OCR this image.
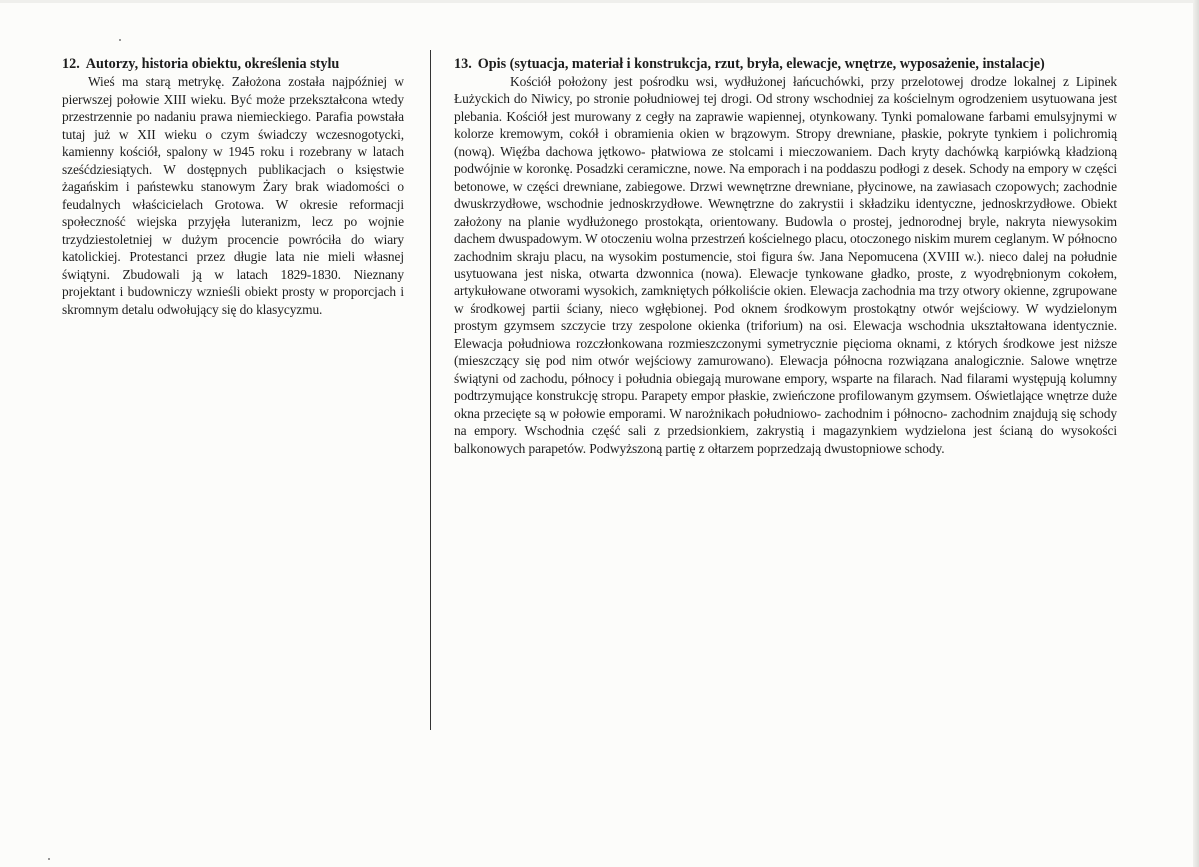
12. Autorzy, historia obiektu, określenia stylu

Wieś ma starą metrykę. Założona została najpóźniej w pierwszej połowie XIII wieku. Być może przekształcona wtedy przestrzennie po nadaniu prawa niemieckiego. Parafia powstała tutaj już w XII wieku o czym świadczy wczesnogotycki, kamienny kościół, spalony w 1945 roku i rozebrany w latach sześćdziesiątych. W dostępnych publikacjach o księstwie żagańskim i państewku stanowym Żary brak wiadomości o feudalnych właścicielach Grotowa. W okresie reformacji społeczność wiejska przyjęła luteranizm, lecz po wojnie trzydziestoletniej w dużym procencie powróciła do wiary katolickiej. Protestanci przez długie lata nie mieli własnej świątyni. Zbudowali ją w latach 1829-1830. Nieznany projektant i budowniczy wznieśli obiekt prosty w proporcjach i skromnym detalu odwołujący się do klasycyzmu.

13. Opis (sytuacja, materiał i konstrukcja, rzut, bryła, elewacje, wnętrze, wyposażenie, instalacje)

Kościół położony jest pośrodku wsi, wydłużonej łańcuchówki, przy przelotowej drodze lokalnej z Lipinek Łużyckich do Niwicy, po stronie południowej tej drogi. Od strony wschodniej za kościelnym ogrodzeniem usytuowana jest plebania. Kościół jest murowany z cegły na zaprawie wapiennej, otynkowany. Tynki pomalowane farbami emulsyjnymi w kolorze kremowym, cokół i obramienia okien w brązowym. Stropy drewniane, płaskie, pokryte tynkiem i polichromią (nową). Więźba dachowa jętkowo- płatwiowa ze stolcami i mieczowaniem. Dach kryty dachówką karpiówką kładzioną podwójnie w koronkę. Posadzki ceramiczne, nowe. Na emporach i na poddaszu podłogi z desek. Schody na empory w części betonowe, w części drewniane, zabiegowe. Drzwi wewnętrzne drewniane, płycinowe, na zawiasach czopowych; zachodnie dwuskrzydłowe, wschodnie jednoskrzydłowe. Wewnętrzne do zakrystii i składziku identyczne, jednoskrzydłowe. Obiekt założony na planie wydłużonego prostokąta, orientowany. Budowla o prostej, jednorodnej bryle, nakryta niewysokim dachem dwuspadowym. W otoczeniu wolna przestrzeń kościelnego placu, otoczonego niskim murem ceglanym. W północno zachodnim skraju placu, na wysokim postumencie, stoi figura św. Jana Nepomucena (XVIII w.). nieco dalej na południe usytuowana jest niska, otwarta dzwonnica (nowa). Elewacje tynkowane gładko, proste, z wyodrębnionym cokołem, artykułowane otworami wysokich, zamkniętych półkoliście okien. Elewacja zachodnia ma trzy otwory okienne, zgrupowane w środkowej partii ściany, nieco wgłębionej. Pod oknem środkowym prostokątny otwór wejściowy. W wydzielonym prostym gzymsem szczycie trzy zespolone okienka (triforium) na osi. Elewacja wschodnia ukształtowana identycznie. Elewacja południowa rozczłonkowana rozmieszczonymi symetrycznie pięcioma oknami, z których środkowe jest niższe (mieszczący się pod nim otwór wejściowy zamurowano). Elewacja północna rozwiązana analogicznie. Salowe wnętrze świątyni od zachodu, północy i południa obiegają murowane empory, wsparte na filarach. Nad filarami występują kolumny podtrzymujące konstrukcję stropu. Parapety empor płaskie, zwieńczone profilowanym gzymsem. Oświetlające wnętrze duże okna przecięte są w połowie emporami. W narożnikach południowo- zachodnim i północno- zachodnim znajdują się schody na empory. Wschodnia część sali z przedsionkiem, zakrystią i magazynkiem wydzielona jest ścianą do wysokości balkonowych parapetów. Podwyższoną partię z ołtarzem poprzedzają dwustopniowe schody.
